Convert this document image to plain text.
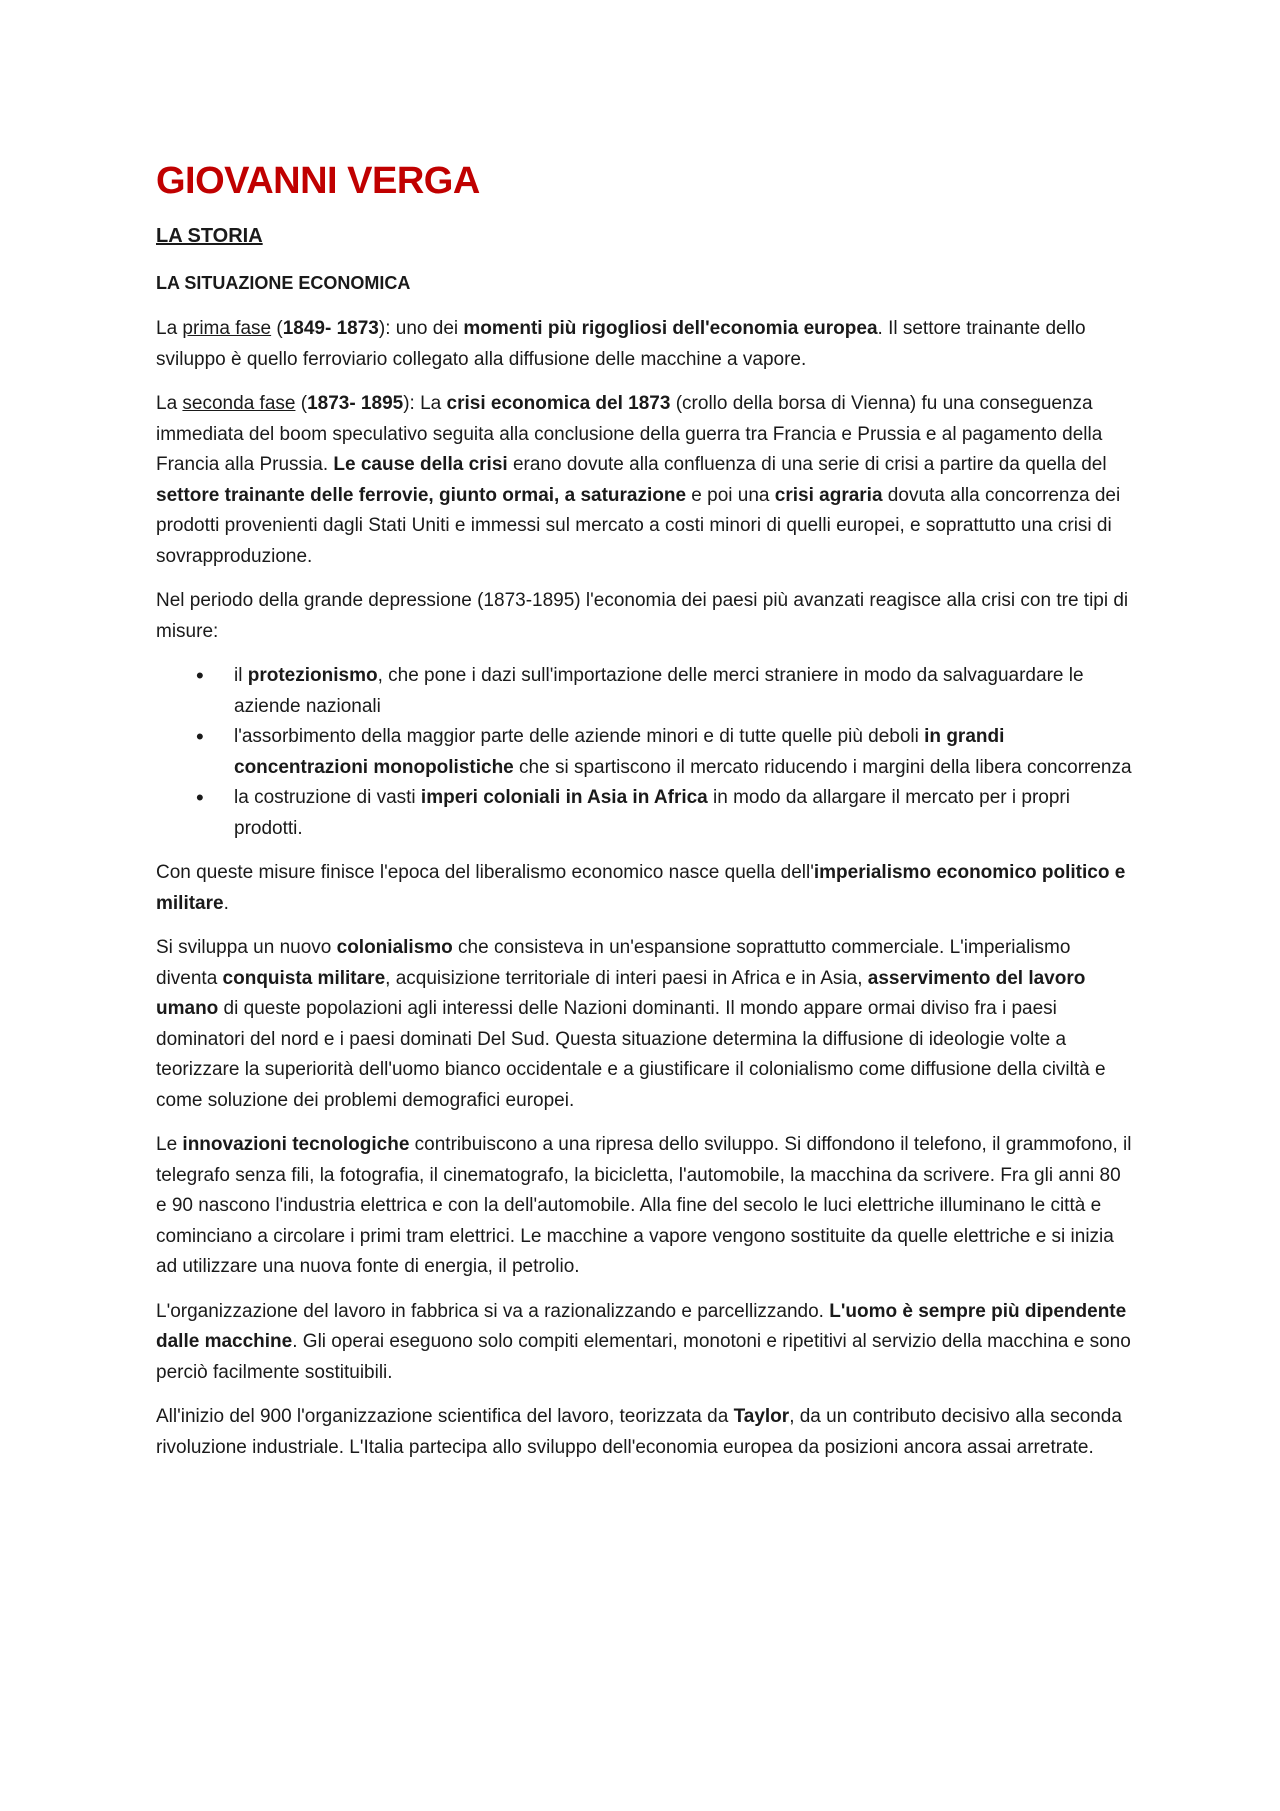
GIOVANNI VERGA
LA STORIA
LA SITUAZIONE ECONOMICA

La prima fase (1849- 1873): uno dei momenti più rigogliosi dell'economia europea. Il settore trainante dello sviluppo è quello ferroviario collegato alla diffusione delle macchine a vapore.

La seconda fase (1873- 1895): La crisi economica del 1873 (crollo della borsa di Vienna) fu una conseguenza immediata del boom speculativo seguita alla conclusione della guerra tra Francia e Prussia e al pagamento della Francia alla Prussia. Le cause della crisi erano dovute alla confluenza di una serie di crisi a partire da quella del settore trainante delle ferrovie, giunto ormai, a saturazione e poi una crisi agraria dovuta alla concorrenza dei prodotti provenienti dagli Stati Uniti e immessi sul mercato a costi minori di quelli europei, e soprattutto una crisi di sovrapproduzione.

Nel periodo della grande depressione (1873-1895) l'economia dei paesi più avanzati reagisce alla crisi con tre tipi di misure:

• il protezionismo, che pone i dazi sull'importazione delle merci straniere in modo da salvaguardare le aziende nazionali
• l'assorbimento della maggior parte delle aziende minori e di tutte quelle più deboli in grandi concentrazioni monopolistiche che si spartiscono il mercato riducendo i margini della libera concorrenza
• la costruzione di vasti imperi coloniali in Asia in Africa in modo da allargare il mercato per i propri prodotti.

Con queste misure finisce l'epoca del liberalismo economico nasce quella dell'imperialismo economico politico e militare.

Si sviluppa un nuovo colonialismo che consisteva in un'espansione soprattutto commerciale. L'imperialismo diventa conquista militare, acquisizione territoriale di interi paesi in Africa e in Asia, asservimento del lavoro umano di queste popolazioni agli interessi delle Nazioni dominanti. Il mondo appare ormai diviso fra i paesi dominatori del nord e i paesi dominati Del Sud. Questa situazione determina la diffusione di ideologie volte a teorizzare la superiorità dell'uomo bianco occidentale e a giustificare il colonialismo come diffusione della civiltà e come soluzione dei problemi demografici europei.

Le innovazioni tecnologiche contribuiscono a una ripresa dello sviluppo. Si diffondono il telefono, il grammofono, il telegrafo senza fili, la fotografia, il cinematografo, la bicicletta, l'automobile, la macchina da scrivere. Fra gli anni 80 e 90 nascono l'industria elettrica e con la dell'automobile. Alla fine del secolo le luci elettriche illuminano le città e cominciano a circolare i primi tram elettrici. Le macchine a vapore vengono sostituite da quelle elettriche e si inizia ad utilizzare una nuova fonte di energia, il petrolio.

L'organizzazione del lavoro in fabbrica si va a razionalizzando e parcellizzando. L'uomo è sempre più dipendente dalle macchine. Gli operai eseguono solo compiti elementari, monotoni e ripetitivi al servizio della macchina e sono perciò facilmente sostituibili.

All'inizio del 900 l'organizzazione scientifica del lavoro, teorizzata da Taylor, da un contributo decisivo alla seconda rivoluzione industriale. L'Italia partecipa allo sviluppo dell'economia europea da posizioni ancora assai arretrate.
